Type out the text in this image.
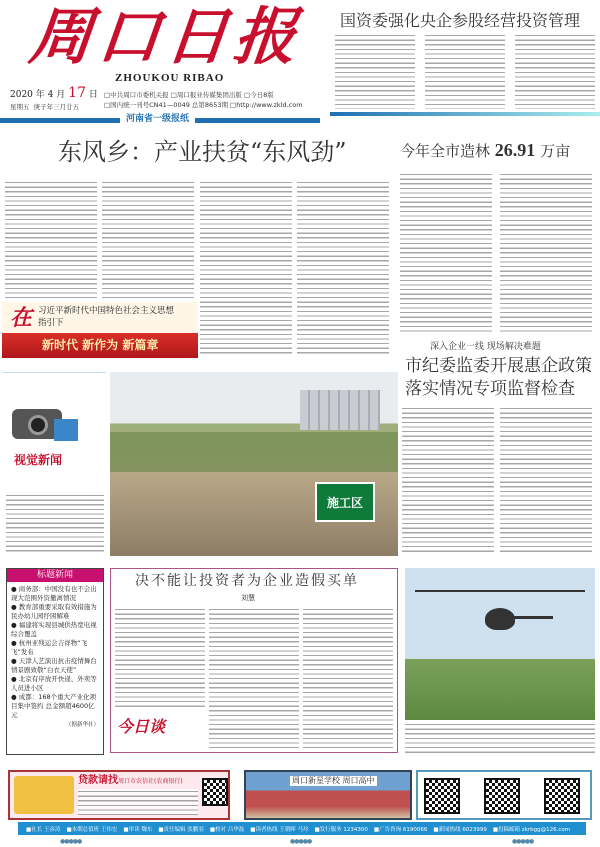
周口日报
ZHOUKOU RIBAO
2020 年 4 月 17 日
星期五 庚子年三月廿五
□中共周口市委机关报 □周口报业传媒集团出版 □今日8版
□国内统一刊号CN41—0049 总第8653期 □http://www.zkld.com
河南省一级报纸
国资委强化央企参股经营投资管理
东风乡：产业扶贫“东风劲”
在 习近平新时代中国特色社会主义思想
指引下
新时代 新作为 新篇章
今年全市造林 26.91 万亩
深入企业一线 现场解决难题
市纪委监委开展惠企政策
落实情况专项监督检查
视觉新闻
施工区
标题新闻
● 商务部：中国没有也不会出现大范围外资撤离情况
● 教育部重要采取有效措施为民办幼儿园纾困解难
● 福建将实现县城供热宽电视综合覆盖
● 杭州亚残运会吉祥物“飞飞”发布
● 天津人艺演出抗击疫情舞台情景剧致敬“白衣天使”
● 北京有序放开快递、外卖等人员进小区
● 成都：168个重大产业化项目集中签约 总金额超4600亿元
（据新华社）
决不能让投资者为企业造假买单
刘慧
今日谈
贷款请找周口市农信社(农商银行)	周口新星学校 周口高中
■社长 王彦涛 ■本期总值班 王伟宏 ■审读 魏东 ■责任编辑 张鹏羽 ■校对 吕华磊 ■读者热线 王朝晖 马玲 ■发行服务 1234300 ■广告咨询 6190066 ■新闻热线 6023999 ■投稿邮箱 zkrbgg@126.com
●●●●●	●●●●●	●●●●●
